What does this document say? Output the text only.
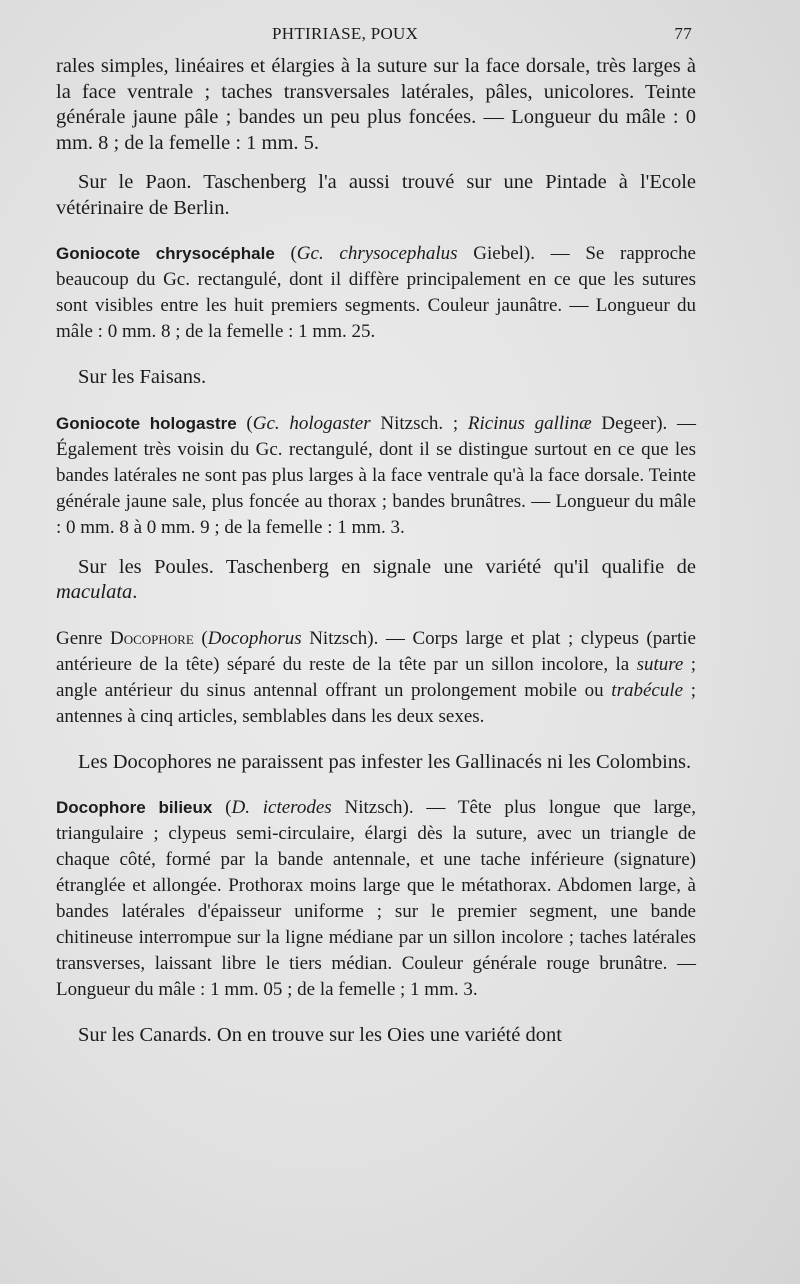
PHTIRIASE, POUX	77

rales simples, linéaires et élargies à la suture sur la face dorsale, très larges à la face ventrale ; taches transversales latérales, pâles, unicolores. Teinte générale jaune pâle ; bandes un peu plus foncées. — Longueur du mâle : 0 mm. 8 ; de la femelle : 1 mm. 5.

Sur le Paon. Taschenberg l'a aussi trouvé sur une Pintade à l'Ecole vétérinaire de Berlin.

Goniocote chrysocéphale (Gc. chrysocephalus Giebel). — Se rapproche beaucoup du Gc. rectangulé, dont il diffère principalement en ce que les sutures sont visibles entre les huit premiers segments. Couleur jaunâtre. — Longueur du mâle : 0 mm. 8 ; de la femelle : 1 mm. 25.

Sur les Faisans.

Goniocote hologastre (Gc. hologaster Nitzsch. ; Ricinus gallinæ Degeer). — Également très voisin du Gc. rectangulé, dont il se distingue surtout en ce que les bandes latérales ne sont pas plus larges à la face ventrale qu'à la face dorsale. Teinte générale jaune sale, plus foncée au thorax ; bandes brunâtres. — Longueur du mâle : 0 mm. 8 à 0 mm. 9 ; de la femelle : 1 mm. 3.

Sur les Poules. Taschenberg en signale une variété qu'il qualifie de maculata.

Genre Docophore (Docophorus Nitzsch). — Corps large et plat ; clypeus (partie antérieure de la tête) séparé du reste de la tête par un sillon incolore, la suture ; angle antérieur du sinus antennal offrant un prolongement mobile ou trabécule ; antennes à cinq articles, semblables dans les deux sexes.

Les Docophores ne paraissent pas infester les Gallinacés ni les Colombins.

Docophore bilieux (D. icterodes Nitzsch). — Tête plus longue que large, triangulaire ; clypeus semi-circulaire, élargi dès la suture, avec un triangle de chaque côté, formé par la bande antennale, et une tache inférieure (signature) étranglée et allongée. Prothorax moins large que le métathorax. Abdomen large, à bandes latérales d'épaisseur uniforme ; sur le premier segment, une bande chitineuse interrompue sur la ligne médiane par un sillon incolore ; taches latérales transverses, laissant libre le tiers médian. Couleur générale rouge brunâtre. — Longueur du mâle : 1 mm. 05 ; de la femelle ; 1 mm. 3.

Sur les Canards. On en trouve sur les Oies une variété dont
